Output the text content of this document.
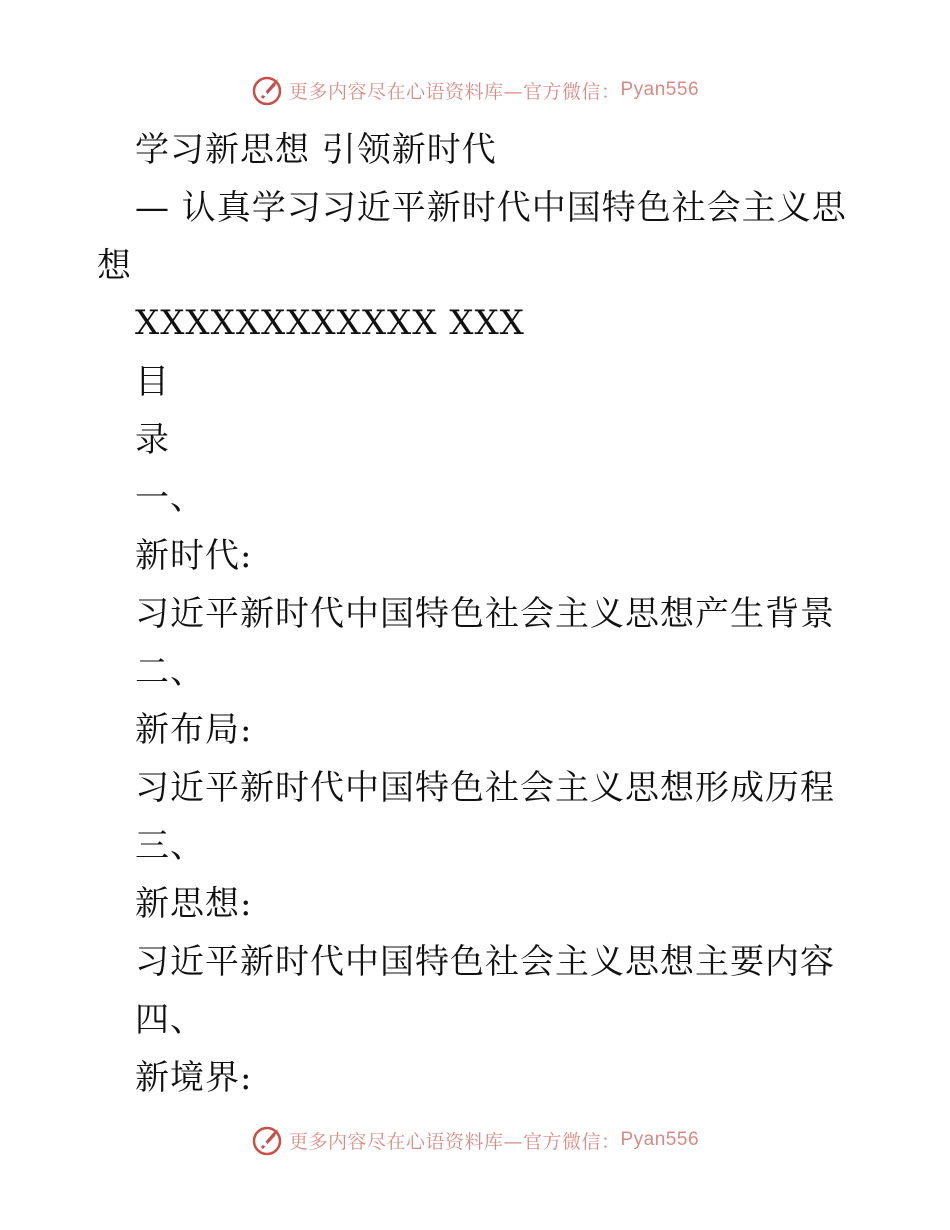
更多内容尽在心语资料库—官方微信： Pyan556
学习新思想 引领新时代
— 认真学习习近平新时代中国特色社会主义思
想
XXXXXXXXXXXX XXX
目
录
一、
新时代:
习近平新时代中国特色社会主义思想产生背景
二、
新布局:
习近平新时代中国特色社会主义思想形成历程
三、
新思想:
习近平新时代中国特色社会主义思想主要内容
四、
新境界:
更多内容尽在心语资料库—官方微信： Pyan556
